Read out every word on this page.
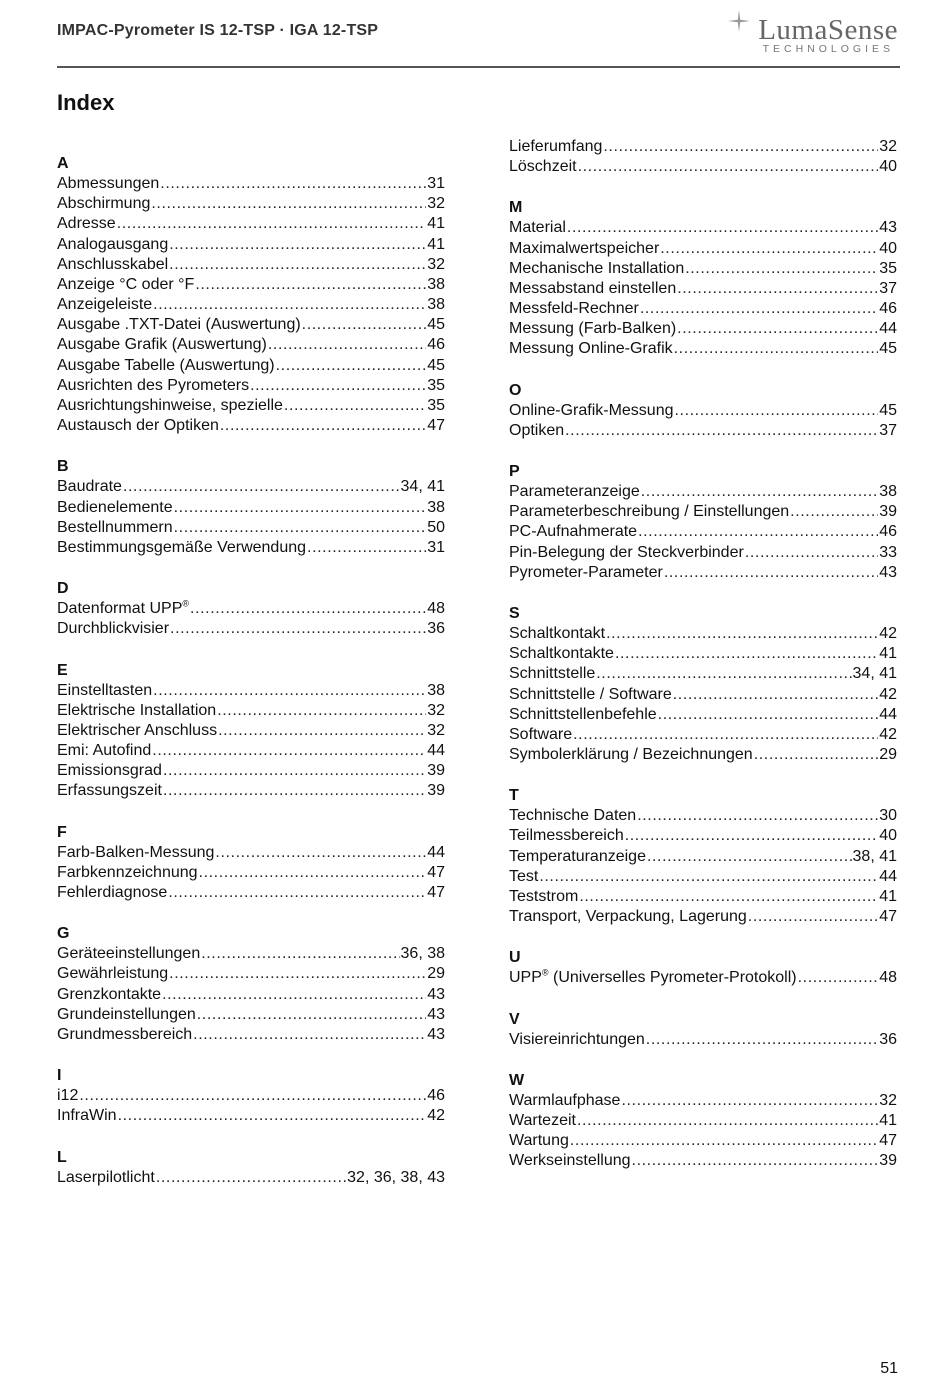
IMPAC-Pyrometer IS 12-TSP · IGA 12-TSP	LumaSense
TECHNOLOGIES
Index
A
Abmessungen .....	31
Abschirmung .....	32
Adresse .....	41
Analogausgang .....	41
Anschlusskabel .....	32
Anzeige °C oder °F .....	38
Anzeigeleiste .....	38
Ausgabe .TXT-Datei (Auswertung) .....	45
Ausgabe Grafik (Auswertung) .....	46
Ausgabe Tabelle (Auswertung) .....	45
Ausrichten des Pyrometers .....	35
Ausrichtungshinweise, spezielle .....	35
Austausch der Optiken .....	47
B
Baudrate .....	34, 41
Bedienelemente .....	38
Bestellnummern .....	50
Bestimmungsgemäße Verwendung .....	31
D
Datenformat UPP® .....	48
Durchblickvisier .....	36
E
Einstelltasten .....	38
Elektrische Installation .....	32
Elektrischer Anschluss .....	32
Emi: Autofind .....	44
Emissionsgrad .....	39
Erfassungszeit .....	39
F
Farb-Balken-Messung .....	44
Farbkennzeichnung .....	47
Fehlerdiagnose .....	47
G
Geräteeinstellungen .....	36, 38
Gewährleistung .....	29
Grenzkontakte .....	43
Grundeinstellungen .....	43
Grundmessbereich .....	43
I
i12 .....	46
InfraWin .....	42
L
Laserpilotlicht .....	32, 36, 38, 43
Lieferumfang .....	32
Löschzeit .....	40
M
Material .....	43
Maximalwertspeicher .....	40
Mechanische Installation .....	35
Messabstand einstellen .....	37
Messfeld-Rechner .....	46
Messung (Farb-Balken) .....	44
Messung Online-Grafik .....	45
O
Online-Grafik-Messung .....	45
Optiken .....	37
P
Parameteranzeige .....	38
Parameterbeschreibung / Einstellungen .....	39
PC-Aufnahmerate .....	46
Pin-Belegung der Steckverbinder .....	33
Pyrometer-Parameter .....	43
S
Schaltkontakt .....	42
Schaltkontakte .....	41
Schnittstelle .....	34, 41
Schnittstelle / Software .....	42
Schnittstellenbefehle .....	44
Software .....	42
Symbolerklärung / Bezeichnungen .....	29
T
Technische Daten .....	30
Teilmessbereich .....	40
Temperaturanzeige .....	38, 41
Test .....	44
Teststrom .....	41
Transport, Verpackung, Lagerung .....	47
U
UPP® (Universelles Pyrometer-Protokoll) .....	48
V
Visiereinrichtungen .....	36
W
Warmlaufphase .....	32
Wartezeit .....	41
Wartung .....	47
Werkseinstellung .....	39
51
